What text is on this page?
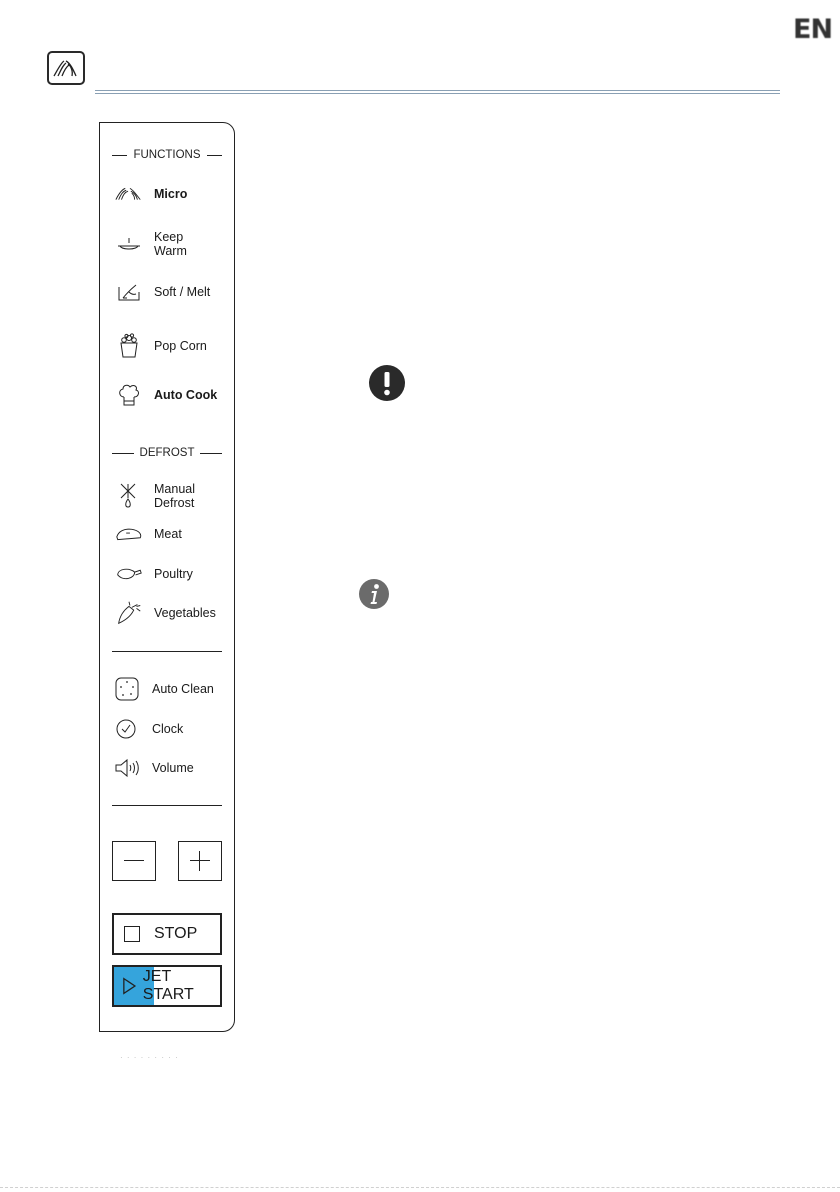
EN
FUNCTIONS
Micro
Keep
Warm
Soft / Melt
Pop Corn
Auto Cook
DEFROST
Manual
Defrost
Meat
Poultry
Vegetables
Auto Clean
Clock
Volume
STOP
JET START
· · · · · · · · ·
